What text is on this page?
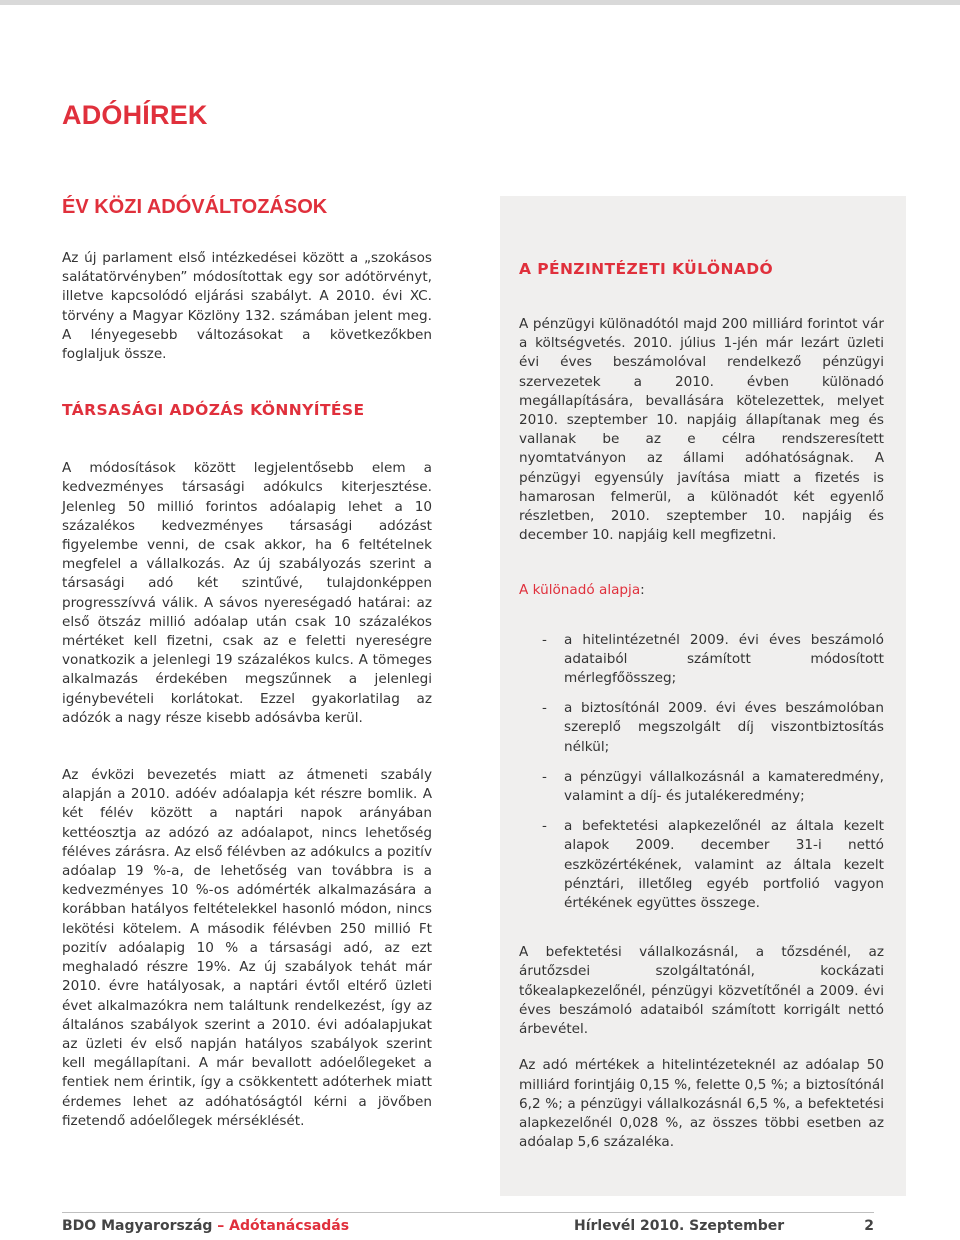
ADÓHÍREK
ÉV KÖZI ADÓVÁLTOZÁSOK

Az új parlament első intézkedései között a „szokásos salátatörvényben” módosítottak egy sor adótörvényt, illetve kapcsolódó eljárási szabályt. A 2010. évi XC. törvény a Magyar Közlöny 132. számában jelent meg. A lényegesebb változásokat a következőkben foglaljuk össze.

TÁRSASÁGI ADÓZÁS KÖNNYÍTÉSE

A módosítások között legjelentősebb elem a kedvezményes társasági adókulcs kiterjesztése. Jelenleg 50 millió forintos adóalapig lehet a 10 százalékos kedvezményes társasági adózást figyelembe venni, de csak akkor, ha 6 feltételnek megfelel a vállalkozás. Az új szabályozás szerint a társasági adó két szintűvé, tulajdonképpen progresszívvá válik. A sávos nyereségadó határai: az első ötszáz millió adóalap után csak 10 százalékos mértéket kell fizetni, csak az e feletti nyereségre vonatkozik a jelenlegi 19 százalékos kulcs. A tömeges alkalmazás érdekében megszűnnek a jelenlegi igénybevételi korlátokat. Ezzel gyakorlatilag az adózók a nagy része kisebb adósávba kerül.

Az évközi bevezetés miatt az átmeneti szabály alapján a 2010. adóév adóalapja két részre bomlik. A két félév között a naptári napok arányában kettéosztja az adózó az adóalapot, nincs lehetőség féléves zárásra. Az első félévben az adókulcs a pozitív adóalap 19 %-a, de lehetőség van továbbra is a kedvezményes 10 %-os adómérték alkalmazására a korábban hatályos feltételekkel hasonló módon, nincs lekötési kötelem. A második félévben 250 millió Ft pozitív adóalapig 10 % a társasági adó, az ezt meghaladó részre 19%. Az új szabályok tehát már 2010. évre hatályosak, a naptári évtől eltérő üzleti évet alkalmazókra nem találtunk rendelkezést, így az általános szabályok szerint a 2010. évi adóalapjukat az üzleti év első napján hatályos szabályok szerint kell megállapítani. A már bevallott adóelőlegeket a fentiek nem érintik, így a csökkentett adóterhek miatt érdemes lehet az adóhatóságtól kérni a jövőben fizetendő adóelőlegek mérséklését.

A PÉNZINTÉZETI KÜLÖNADÓ

A pénzügyi különadótól majd 200 milliárd forintot vár a költségvetés. 2010. július 1-jén már lezárt üzleti évi éves beszámolóval rendelkező pénzügyi szervezetek a 2010. évben különadó megállapítására, bevallására kötelezettek, melyet 2010. szeptember 10. napjáig állapítanak meg és vallanak be az e célra rendszeresített nyomtatványon az állami adóhatóságnak. A pénzügyi egyensúly javítása miatt a fizetés is hamarosan felmerül, a különadót két egyenlő részletben, 2010. szeptember 10. napjáig és december 10. napjáig kell megfizetni.

A különadó alapja:

- a hitelintézetnél 2009. évi éves beszámoló adataiból számított módosított mérlegfőösszeg;

- a biztosítónál 2009. évi éves beszámolóban szereplő megszolgált díj viszontbiztosítás nélkül;

- a pénzügyi vállalkozásnál a kamateredmény, valamint a díj- és jutalékeredmény;

- a befektetési alapkezelőnél az általa kezelt alapok 2009. december 31-i nettó eszközértékének, valamint az általa kezelt pénztári, illetőleg egyéb portfolió vagyon értékének együttes összege.

A befektetési vállalkozásnál, a tőzsdénél, az árutőzsdei szolgáltatónál, kockázati tőkealapkezelőnél, pénzügyi közvetítőnél a 2009. évi éves beszámoló adataiból számított korrigált nettó árbevétel.

Az adó mértékek a hitelintézeteknél az adóalap 50 milliárd forintjáig 0,15 %, felette 0,5 %; a biztosítónál 6,2 %; a pénzügyi vállalkozásnál 6,5 %, a befektetési alapkezelőnél 0,028 %, az összes többi esetben az adóalap 5,6 százaléka.

BDO Magyarország – Adótanácsadás	Hírlevél 2010. Szeptember	2
